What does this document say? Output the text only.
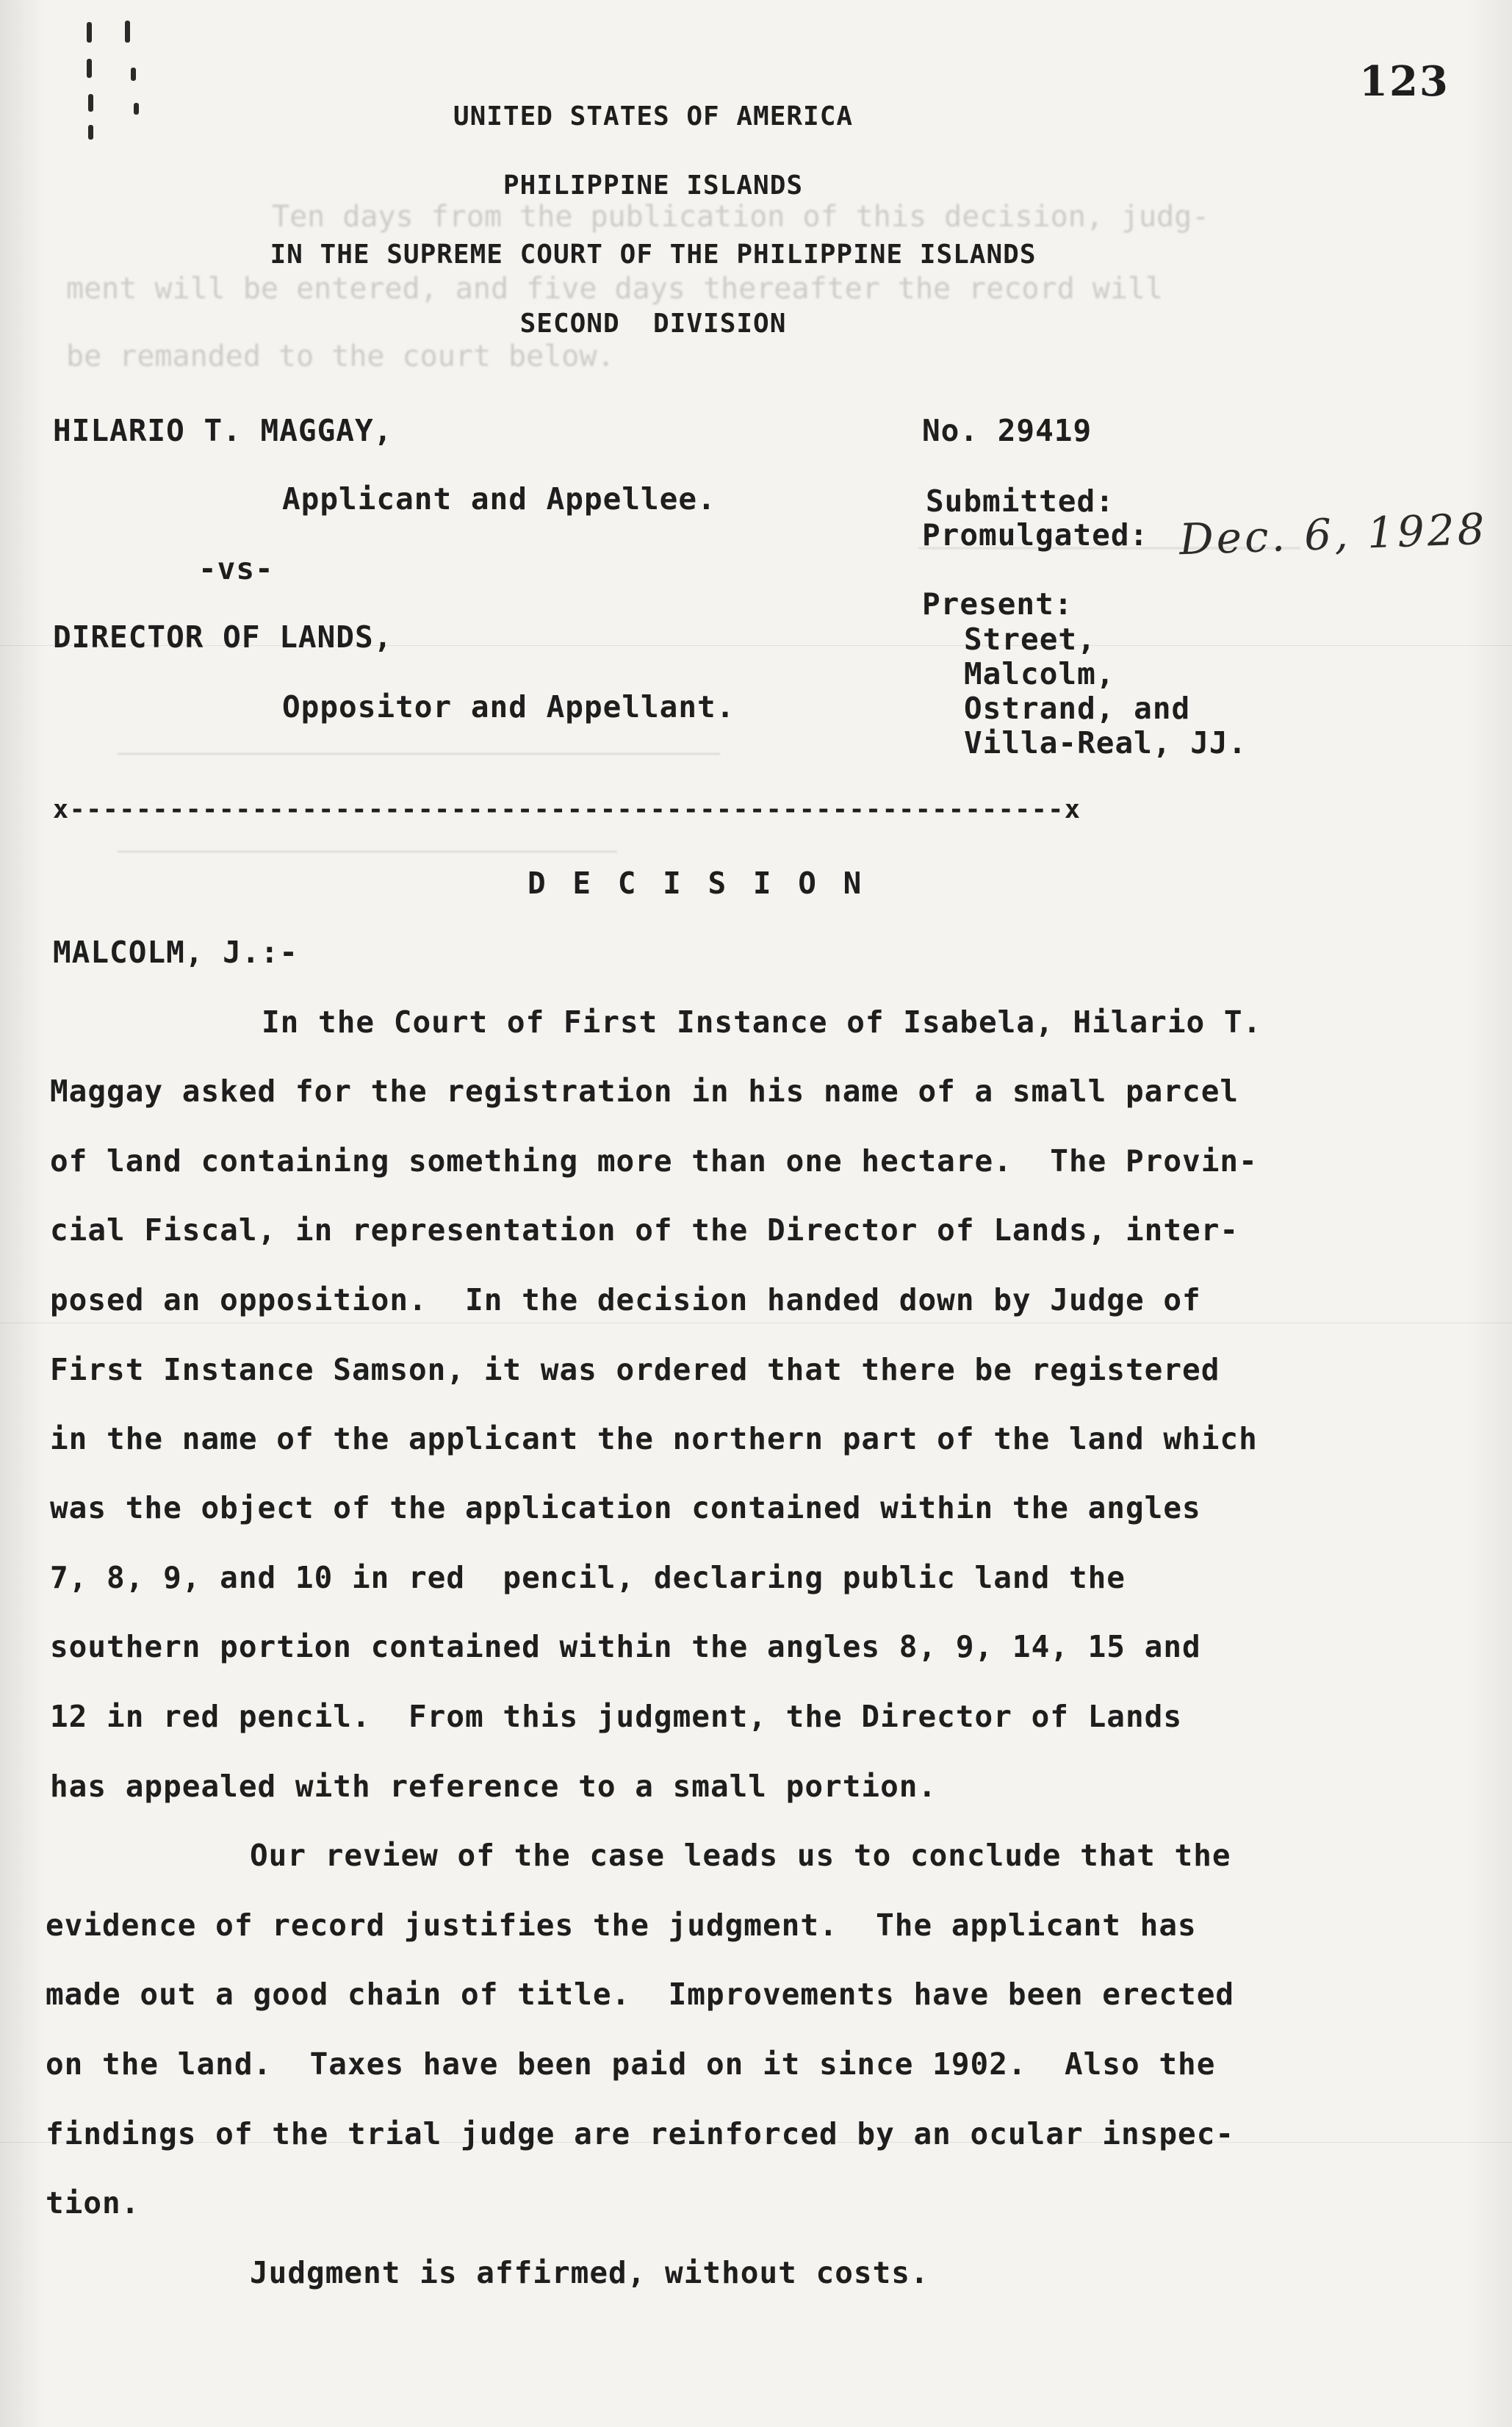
Ten days from the publication of this decision, judg-
ment will be entered, and five days thereafter the record will
be remanded to the court below.
123
UNITED STATES OF AMERICA
PHILIPPINE ISLANDS
IN THE SUPREME COURT OF THE PHILIPPINE ISLANDS
SECOND  DIVISION
HILARIO T. MAGGAY,
Applicant and Appellee.
-vs-
DIRECTOR OF LANDS,
Oppositor and Appellant.
No. 29419
Submitted:
Promulgated: Dec. 6, 1928
Present:
Street,
Malcolm,
Ostrand, and
Villa-Real, JJ.
x------------------------------------------------------------x
D E C I S I O N
MALCOLM, J.:-
In the Court of First Instance of Isabela, Hilario T.
Maggay asked for the registration in his name of a small parcel
of land containing something more than one hectare.  The Provin-
cial Fiscal, in representation of the Director of Lands, inter-
posed an opposition.  In the decision handed down by Judge of
First Instance Samson, it was ordered that there be registered
in the name of the applicant the northern part of the land which
was the object of the application contained within the angles
7, 8, 9, and 10 in red  pencil, declaring public land the
southern portion contained within the angles 8, 9, 14, 15 and
12 in red pencil.  From this judgment, the Director of Lands
has appealed with reference to a small portion.
Our review of the case leads us to conclude that the
evidence of record justifies the judgment.  The applicant has
made out a good chain of title.  Improvements have been erected
on the land.  Taxes have been paid on it since 1902.  Also the
findings of the trial judge are reinforced by an ocular inspec-
tion.
Judgment is affirmed, without costs.
